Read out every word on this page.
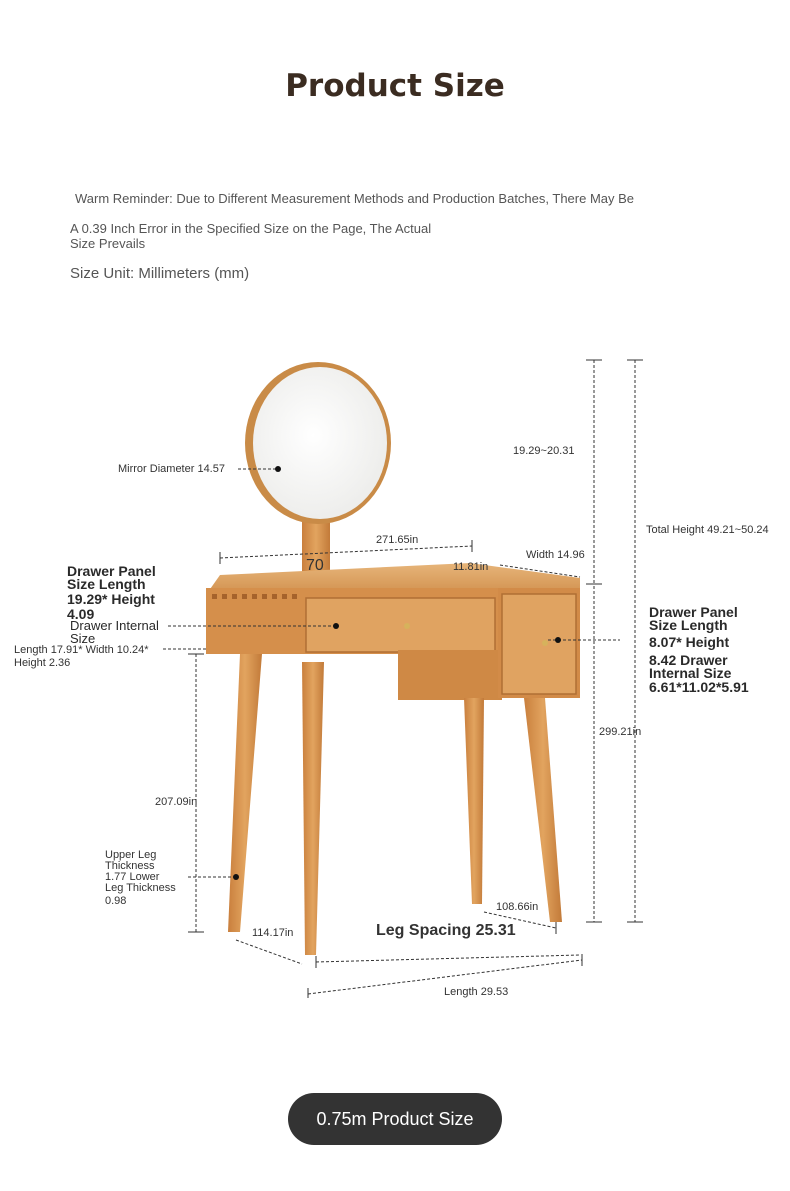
Product Size
Warm Reminder: Due to Different Measurement Methods and Production Batches, There May Be
A 0.39 Inch Error in the Specified Size on the Page, The Actual
Size Prevails
Size Unit: Millimeters (mm)
Mirror Diameter 14.57
19.29~20.31
Total Height 49.21~50.24
271.65in
70
Width 14.96
11.81in
Drawer Panel
Size Length
19.29* Height
4.09
Drawer Internal
Size
Length 17.91* Width 10.24*
Height 2.36
Drawer Panel
Size Length
8.07* Height
8.42 Drawer
Internal Size
6.61*11.02*5.91
299.21in
207.09in
Upper Leg
Thickness
1.77 Lower
Leg Thickness
0.98	108.66in
114.17in	Leg Spacing 25.31
Length 29.53
0.75m Product Size
